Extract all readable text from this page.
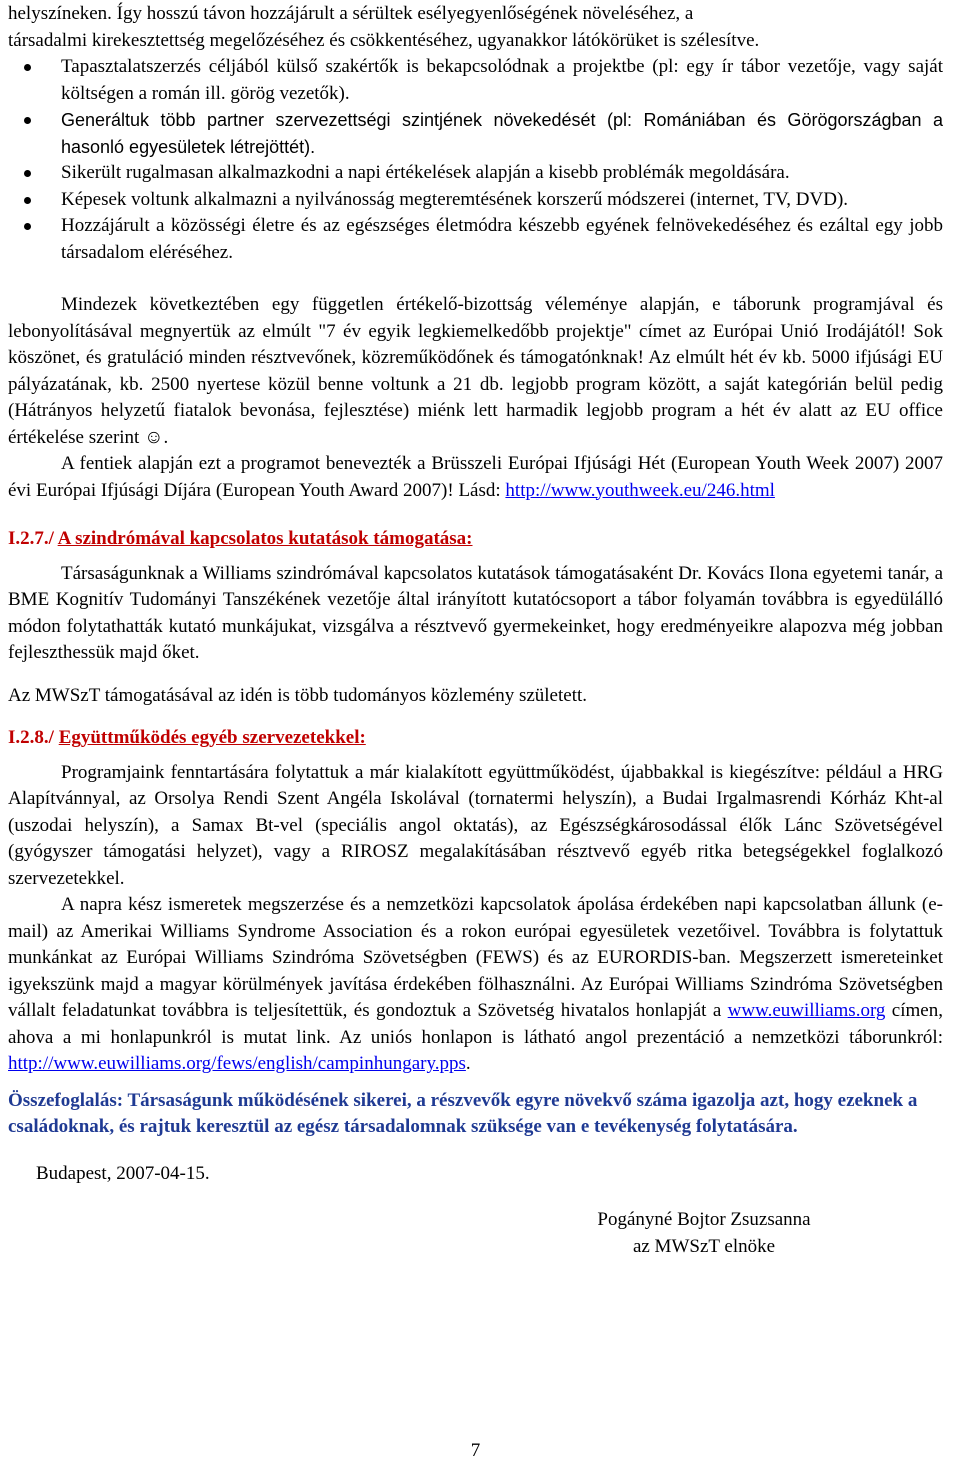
helyszíneken. Így hosszú távon hozzájárult a sérültek esélyegyenlőségének növeléséhez, a

társadalmi kirekesztettség megelőzéséhez és csökkentéséhez, ugyanakkor látókörüket is szélesítve.

Tapasztalatszerzés céljából külső szakértők is bekapcsolódnak a projektbe (pl: egy ír tábor vezetője, vagy saját költségen a román ill. görög vezetők).
Generáltuk több partner szervezettségi szintjének növekedését (pl: Romániában és Görögországban a hasonló egyesületek létrejöttét).
Sikerült rugalmasan alkalmazkodni a napi értékelések alapján a kisebb problémák megoldására.
Képesek voltunk alkalmazni a nyilvánosság megteremtésének korszerű módszerei (internet, TV, DVD).
Hozzájárult a közösségi életre és az egészséges életmódra készebb egyének felnövekedéséhez és ezáltal egy jobb társadalom eléréséhez.

Mindezek következtében egy független értékelő-bizottság véleménye alapján, e táborunk programjával és lebonyolításával megnyertük az elmúlt "7 év egyik legkiemelkedőbb projektje" címet az Európai Unió Irodájától! Sok köszönet, és gratuláció minden résztvevőnek, közreműködőnek és támogatónknak! Az elmúlt hét év kb. 5000 ifjúsági EU pályázatának, kb. 2500 nyertese közül benne voltunk a 21 db. legjobb program között, a saját kategórián belül pedig (Hátrányos helyzetű fiatalok bevonása, fejlesztése) miénk lett harmadik legjobb program a hét év alatt az EU office értékelése szerint ☺.

A fentiek alapján ezt a programot benevezték a Brüsszeli Európai Ifjúsági Hét (European Youth Week 2007) 2007 évi Európai Ifjúsági Díjára (European Youth Award 2007)! Lásd: http://www.youthweek.eu/246.html

I.2.7./ A szindrómával kapcsolatos kutatások támogatása:

Társaságunknak a Williams szindrómával kapcsolatos kutatások támogatásaként Dr. Kovács Ilona egyetemi tanár, a BME Kognitív Tudományi Tanszékének vezetője által irányított kutatócsoport a tábor folyamán továbbra is egyedülálló módon folytathatták kutató munkájukat, vizsgálva a résztvevő gyermekeinket, hogy eredményeikre alapozva még jobban fejleszthessük majd őket.

Az MWSzT támogatásával az idén is több tudományos közlemény született.

I.2.8./ Együttműködés egyéb szervezetekkel:

Programjaink fenntartására folytattuk a már kialakított együttműködést, újabbakkal is kiegészítve: például a HRG Alapítvánnyal, az Orsolya Rendi Szent Angéla Iskolával (tornatermi helyszín), a Budai Irgalmasrendi Kórház Kht-al (uszodai helyszín), a Samax Bt-vel (speciális angol oktatás), az Egészségkárosodással élők Lánc Szövetségével (gyógyszer támogatási helyzet), vagy a RIROSZ megalakításában résztvevő egyéb ritka betegségekkel foglalkozó szervezetekkel.

A napra kész ismeretek megszerzése és a nemzetközi kapcsolatok ápolása érdekében napi kapcsolatban állunk (e-mail) az Amerikai Williams Syndrome Association és a rokon európai egyesületek vezetőivel. Továbbra is folytattuk munkánkat az Európai Williams Szindróma Szövetségben (FEWS) és az EURORDIS-ban. Megszerzett ismereteinket igyekszünk majd a magyar körülmények javítása érdekében fölhasználni. Az Európai Williams Szindróma Szövetségben vállalt feladatunkat továbbra is teljesítettük, és gondoztuk a Szövetség hivatalos honlapját a www.euwilliams.org címen, ahova a mi honlapunkról is mutat link. Az uniós honlapon is látható angol prezentáció a nemzetközi táborunkról: http://www.euwilliams.org/fews/english/campinhungary.pps.

Összefoglalás: Társaságunk működésének sikerei, a részvevők egyre növekvő száma igazolja azt, hogy ezeknek a családoknak, és rajtuk keresztül az egész társadalomnak szüksége van e tevékenység folytatására.

Budapest, 2007-04-15.

Pogányné Bojtor Zsuzsanna
az MWSzT elnöke
7
